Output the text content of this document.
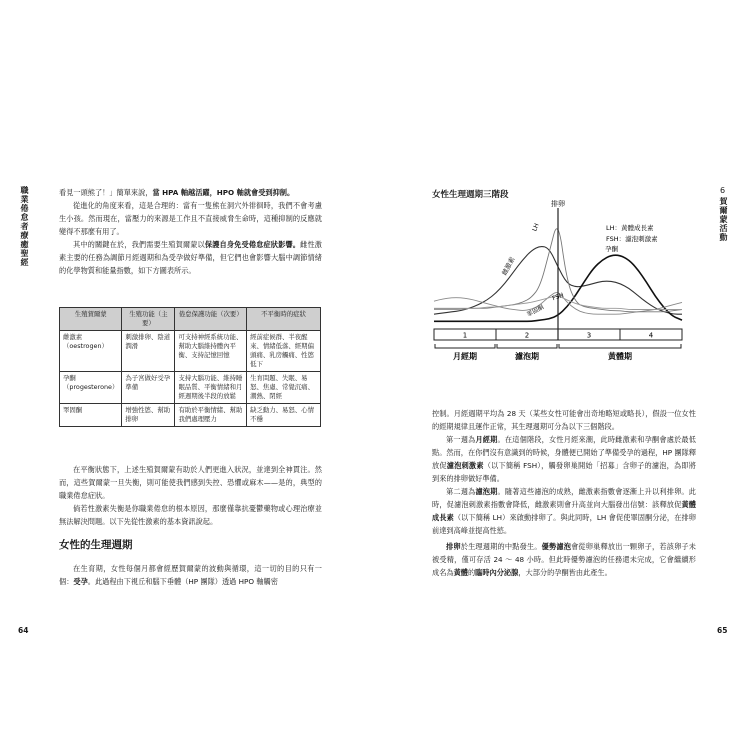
職業倦怠者療癒聖經	看見一頭熊了！」簡單來說，當 HPA 軸越活躍，HPO 軸就會受到抑制。

從進化的角度來看，這是合理的：當有一隻熊在洞穴外徘徊時，我們不會考慮生小孩。然而現在，當壓力的來源是工作且不直接威脅生命時，這種抑制的反應就變得不那麼有用了。

其中的關鍵在於，我們需要生殖賀爾蒙以保護自身免受倦怠症狀影響。雌性激素主要的任務為調節月經週期和為受孕做好準備，但它們也會影響大腦中調節情緒的化學物質和能量指數，如下方圖表所示。

生殖賀爾蒙	生殖功能（主要）	倦怠保護功能（次要）	不平衡時的症狀
雌激素（oestrogen）	刺激排卵、陰道潤滑	可支持神經系統功能、幫助大腦維持體內平衡、支持記憶回憶	經前症候群、半夜醒來、情緒低落、經期偏頭痛、乳房觸痛、性慾低下
孕酮（progesterone）	為子宮做好受孕準備	支持大腦功能、維持睡眠品質、平衡情緒和月經週期後半段的放鬆	生育問題、失眠、易怒、焦慮、常覺沉痛、潮熱、閉經
睪固酮	增強性慾、幫助排卵	有助於平衡情緒、幫助我們處理壓力	缺乏動力、易怒、心情不穩

在平衡狀態下，上述生殖賀爾蒙有助於人們更進入狀況，並達到全神貫注。然而，這些賀爾蒙一旦失衡，則可能使我們感到失控、恐懼或麻木——是的，典型的職業倦怠症狀。

倘若性激素失衡是你職業倦怠的根本原因，那麼僅靠抗憂鬱藥物或心理治療並無法解決問題。以下先從性激素的基本資訊說起。

女性的生理週期

在生育期，女性每個月都會經歷賀爾蒙的波動與循環，這一切的目的只有一個：受孕。此過程由下視丘和腦下垂體（HP 團隊）透過 HPO 軸觸密

64
6
賀爾蒙活動
女性生理週期三階段
排卵
LH：黃體成長素
FSH：濾泡刺激素
雌激素
孕酮
LH
FSH
睪固酮
1	2	3	4
月經期	濾泡期	黃體期

控制。月經週期平均為 28 天（某些女性可能會出奇地略短或略長），假設一位女性的經期規律且運作正常，其生理週期可分為以下三個階段。

第一週為月經期。在這個階段，女性月經來潮，此時雌激素和孕酮會處於最低點。然而，在你們沒有意識到的時候，身體便已開始了準備受孕的過程，HP 團隊釋放促濾泡刺激素（以下簡稱 FSH），觸發卵巢開始「招募」含卵子的濾泡，為即將到來的排卵做好準備。

第二週為濾泡期。隨著這些濾泡的成熟，雌激素指數會逐漸上升以利排卵。此時，促濾泡刺激素指數會降低，雌激素則會升高並向大腦發出信號：該釋放促黃體成長素（以下簡稱 LH）來啟動排卵了。與此同時，LH 會促使睪固酮分泌，在排卵前達到高峰並提高性慾。

排卵於生理週期的中點發生。優勢濾泡會從卵巢釋放出一顆卵子，若該卵子未被受精，僅可存活 24 ～ 48 小時。但此時優勢濾泡的任務還未完成，它會繼續形成名為黃體的臨時內分泌腺，大部分的孕酮皆由此產生。

65
